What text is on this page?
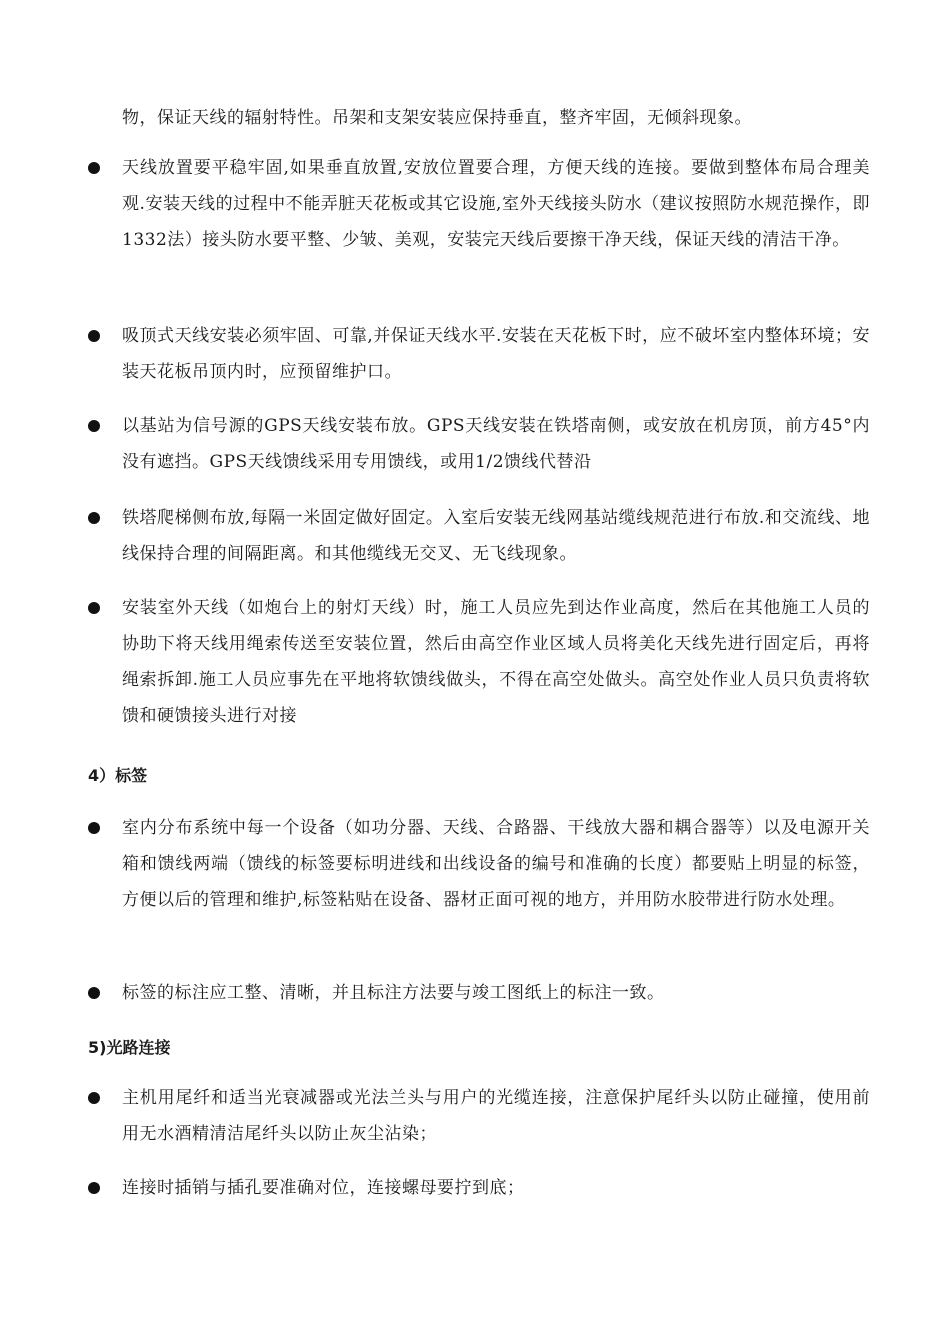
物，保证天线的辐射特性。吊架和支架安装应保持垂直，整齐牢固，无倾斜现象。

天线放置要平稳牢固,如果垂直放置,安放位置要合理，方便天线的连接。要做到整体布局合理美观.安装天线的过程中不能弄脏天花板或其它设施,室外天线接头防水（建议按照防水规范操作，即1332法）接头防水要平整、少皱、美观，安装完天线后要擦干净天线，保证天线的清洁干净。

吸顶式天线安装必须牢固、可靠,并保证天线水平.安装在天花板下时，应不破坏室内整体环境；安装天花板吊顶内时，应预留维护口。

以基站为信号源的GPS天线安装布放。GPS天线安装在铁塔南侧，或安放在机房顶，前方45°内没有遮挡。GPS天线馈线采用专用馈线，或用1/2馈线代替沿

铁塔爬梯侧布放,每隔一米固定做好固定。入室后安装无线网基站缆线规范进行布放.和交流线、地线保持合理的间隔距离。和其他缆线无交叉、无飞线现象。

安装室外天线（如炮台上的射灯天线）时，施工人员应先到达作业高度，然后在其他施工人员的协助下将天线用绳索传送至安装位置，然后由高空作业区域人员将美化天线先进行固定后，再将绳索拆卸.施工人员应事先在平地将软馈线做头，不得在高空处做头。高空处作业人员只负责将软馈和硬馈接头进行对接

4）标签

室内分布系统中每一个设备（如功分器、天线、合路器、干线放大器和耦合器等）以及电源开关箱和馈线两端（馈线的标签要标明进线和出线设备的编号和准确的长度）都要贴上明显的标签，方便以后的管理和维护,标签粘贴在设备、器材正面可视的地方，并用防水胶带进行防水处理。

标签的标注应工整、清晰，并且标注方法要与竣工图纸上的标注一致。

5)光路连接

主机用尾纤和适当光衰减器或光法兰头与用户的光缆连接，注意保护尾纤头以防止碰撞，使用前用无水酒精清洁尾纤头以防止灰尘沾染；

连接时插销与插孔要准确对位，连接螺母要拧到底；
